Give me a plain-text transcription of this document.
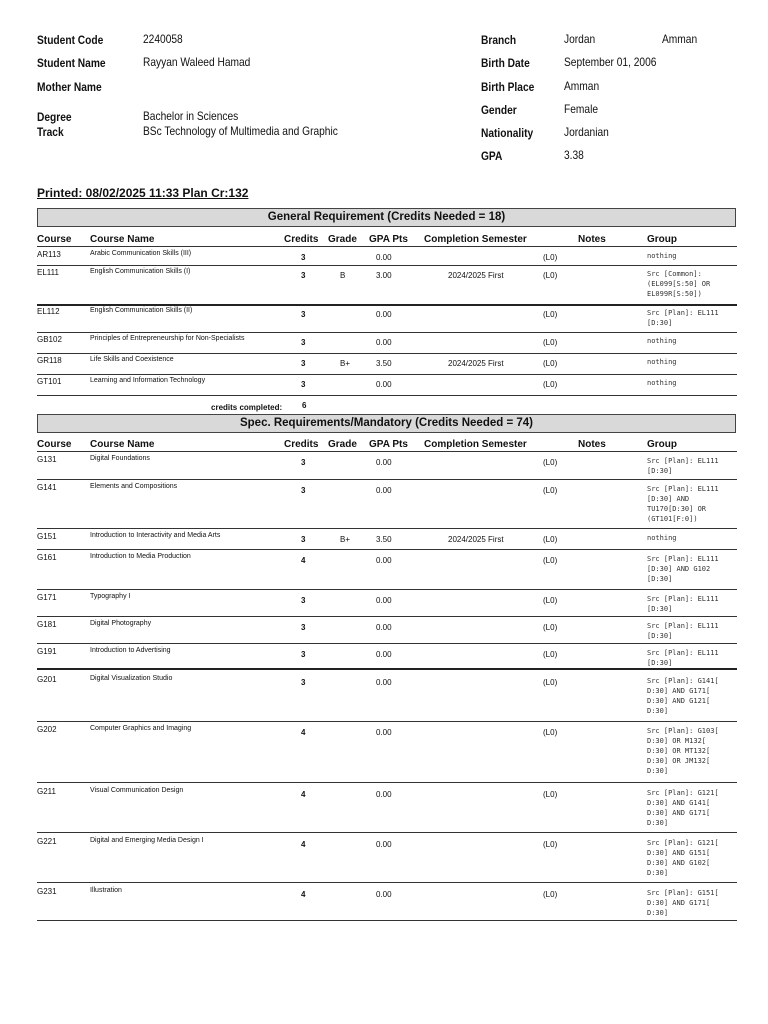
Student Code	2240058
Student Name	Rayyan Waleed Hamad
Mother Name
Degree	Bachelor in Sciences
Track	BSc Technology of Multimedia and Graphic
Branch	Jordan	Amman
Birth Date	September 01, 2006
Birth Place Amman
Gender	Female
Nationality	Jordanian
GPA	3.38
Printed: 08/02/2025 11:33 Plan Cr:132
General Requirement (Credits Needed = 18)
Course Course Name	Credits Grade GPA Pts Completion Semester	Notes	Group
AR113	Arabic Communication Skills (III)	3	0.00	(L0)	nothing
EL111	English Communication Skills (I)	3	B	3.00	2024/2025 First	(L0)	Src [Common]:
(EL099[S:50] OR
EL099R[S:50])
EL112	English Communication Skills (II)	3	0.00	(L0)	Src [Plan]: EL111
[D:30]
GB102	Principles of Entrepreneurship for Non-Specialists	3	0.00	(L0)	nothing
GR118	Life Skills and Coexistence	3	B+	3.50	2024/2025 First	(L0)	nothing
GT101	Learning and Information Technology	3	0.00	(L0)	nothing
credits completed: 6
Spec. Requirements/Mandatory (Credits Needed = 74)
Course Course Name	Credits Grade GPA Pts Completion Semester	Notes	Group
G131	Digital Foundations	3	0.00	(L0)	Src [Plan]: EL111
[D:30]
G141	Elements and Compositions	3	0.00	(L0)	Src [Plan]: EL111
[D:30] AND
TU170[D:30] OR
(GT101[F:0])
G151	Introduction to Interactivity and Media Arts	3	B+	3.50	2024/2025 First	(L0)	nothing
G161	Introduction to Media Production	4	0.00	(L0)	Src [Plan]: EL111
[D:30] AND G102
[D:30]
G171	Typography I	3	0.00	(L0)	Src [Plan]: EL111
[D:30]
G181	Digital Photography	3	0.00	(L0)	Src [Plan]: EL111
[D:30]
G191	Introduction to Advertising	3	0.00	(L0)	Src [Plan]: EL111
[D:30]
G201	Digital Visualization Studio	3	0.00	(L0)	Src [Plan]: G141[
D:30] AND G171[
D:30] AND G121[
D:30]
G202	Computer Graphics and Imaging	4	0.00	(L0)	Src [Plan]: G103[
D:30] OR M132[
D:30] OR MT132[
D:30] OR JM132[
D:30]
G211	Visual Communication Design	4	0.00	(L0)	Src [Plan]: G121[
D:30] AND G141[
D:30] AND G171[
D:30]
G221	Digital and Emerging Media Design I	4	0.00	(L0)	Src [Plan]: G121[
D:30] AND G151[
D:30] AND G102[
D:30]
G231	Illustration	4	0.00	(L0)	Src [Plan]: G151[
D:30] AND G171[
D:30]
